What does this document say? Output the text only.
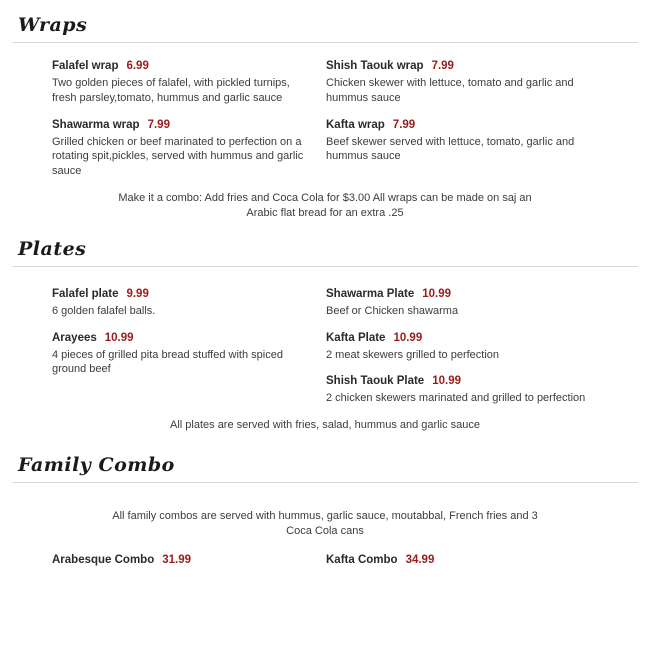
Wraps
Falafel wrap 6.99
Two golden pieces of falafel, with pickled turnips, fresh parsley,tomato, hummus and garlic sauce
Shawarma wrap 7.99
Grilled chicken or beef marinated to perfection on a rotating spit,pickles, served with hummus and garlic sauce
Shish Taouk wrap 7.99
Chicken skewer with lettuce, tomato and garlic and hummus sauce
Kafta wrap 7.99
Beef skewer served with lettuce, tomato, garlic and hummus sauce
Make it a combo: Add fries and Coca Cola for $3.00 All wraps can be made on saj an Arabic flat bread for an extra .25
Plates
Falafel plate 9.99
6 golden falafel balls.
Arayees 10.99
4 pieces of grilled pita bread stuffed with spiced ground beef
Shawarma Plate 10.99
Beef or Chicken shawarma
Kafta Plate 10.99
2 meat skewers grilled to perfection
Shish Taouk Plate 10.99
2 chicken skewers marinated and grilled to perfection
All plates are served with fries, salad, hummus and garlic sauce
Family Combo
All family combos are served with hummus, garlic sauce, moutabbal, French fries and 3 Coca Cola cans
Arabesque Combo 31.99	Kafta Combo 34.99
